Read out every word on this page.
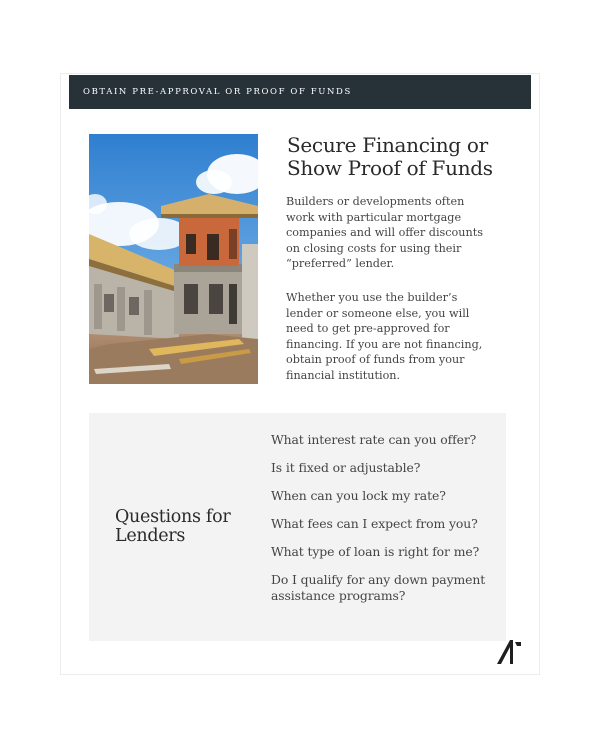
OBTAIN PRE-APPROVAL OR PROOF OF FUNDS
Secure Financing or Show Proof of Funds

Builders or developments often work with particular mortgage companies and will offer discounts on closing costs for using their “preferred” lender.

Whether you use the builder’s lender or someone else, you will need to get pre-approved for financing. If you are not financing, obtain proof of funds from your financial institution.

Questions for Lenders
What interest rate can you offer?
Is it fixed or adjustable?
When can you lock my rate?
What fees can I expect from you?
What type of loan is right for me?
Do I qualify for any down payment assistance programs?
